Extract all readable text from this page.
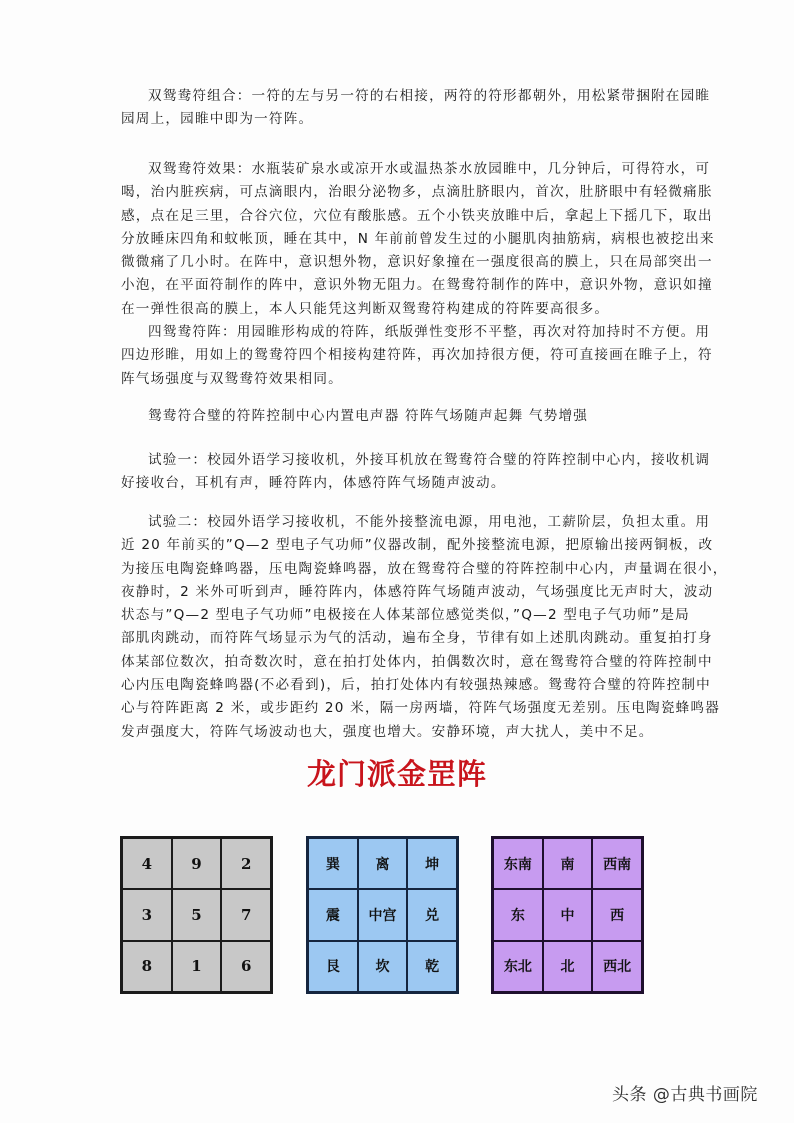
双鸳鸯符组合：一符的左与另一符的右相接，两符的符形都朝外，用松紧带捆附在园睢
园周上，园睢中即为一符阵。
双鸳鸯符效果：水瓶装矿泉水或凉开水或温热茶水放园睢中，几分钟后，可得符水，可
喝，治内脏疾病，可点滴眼内，治眼分泌物多，点滴肚脐眼内，首次，肚脐眼中有轻微痛胀
感，点在足三里，合谷穴位，穴位有酸胀感。五个小铁夹放睢中后，拿起上下摇几下，取出
分放睡床四角和蚊帐顶，睡在其中，N 年前前曾发生过的小腿肌肉抽筋病，病根也被挖出来
微微痛了几小时。在阵中，意识想外物，意识好象撞在一强度很高的膜上，只在局部突出一
小泡，在平面符制作的阵中，意识外物无阻力。在鸳鸯符制作的阵中，意识外物，意识如撞
在一弹性很高的膜上，本人只能凭这判断双鸳鸯符构建成的符阵要高很多。
四鸳鸯符阵：用园睢形构成的符阵，纸版弹性变形不平整，再次对符加持时不方便。用
四边形睢，用如上的鸳鸯符四个相接构建符阵，再次加持很方便，符可直接画在睢子上，符
阵气场强度与双鸳鸯符效果相同。
鸳鸯符合璧的符阵控制中心内置电声器 符阵气场随声起舞 气势增强
试验一：校园外语学习接收机，外接耳机放在鸳鸯符合璧的符阵控制中心内，接收机调
好接收台，耳机有声，睡符阵内，体感符阵气场随声波动。
试验二：校园外语学习接收机，不能外接整流电源，用电池，工薪阶层，负担太重。用
近 20 年前买的”Q—2 型电子气功师”仪器改制，配外接整流电源，把原输出接两铜板，改
为接压电陶瓷蜂鸣器，压电陶瓷蜂鸣器，放在鸳鸯符合璧的符阵控制中心内，声量调在很小，
夜静时，2 米外可听到声，睡符阵内，体感符阵气场随声波动，气场强度比无声时大，波动
状态与”Q—2 型电子气功师”电极接在人体某部位感觉类似，”Q—2 型电子气功师”是局
部肌肉跳动，而符阵气场显示为气的活动，遍布全身，节律有如上述肌肉跳动。重复拍打身
体某部位数次，拍奇数次时，意在拍打处体内，拍偶数次时，意在鸳鸯符合璧的符阵控制中
心内压电陶瓷蜂鸣器(不必看到)，后，拍打处体内有较强热辣感。鸳鸯符合璧的符阵控制中
心与符阵距离 2 米，或步距约 20 米，隔一房两墙，符阵气场强度无差别。压电陶瓷蜂鸣器
发声强度大，符阵气场波动也大，强度也增大。安静环境，声大扰人，美中不足。
龙门派金罡阵
4	9	2
3	5	7
8	1	6
巽	离	坤
震	中宫	兑
艮	坎	乾
东南	南	西南
东	中	西
东北	北	西北
头条 @古典书画院
